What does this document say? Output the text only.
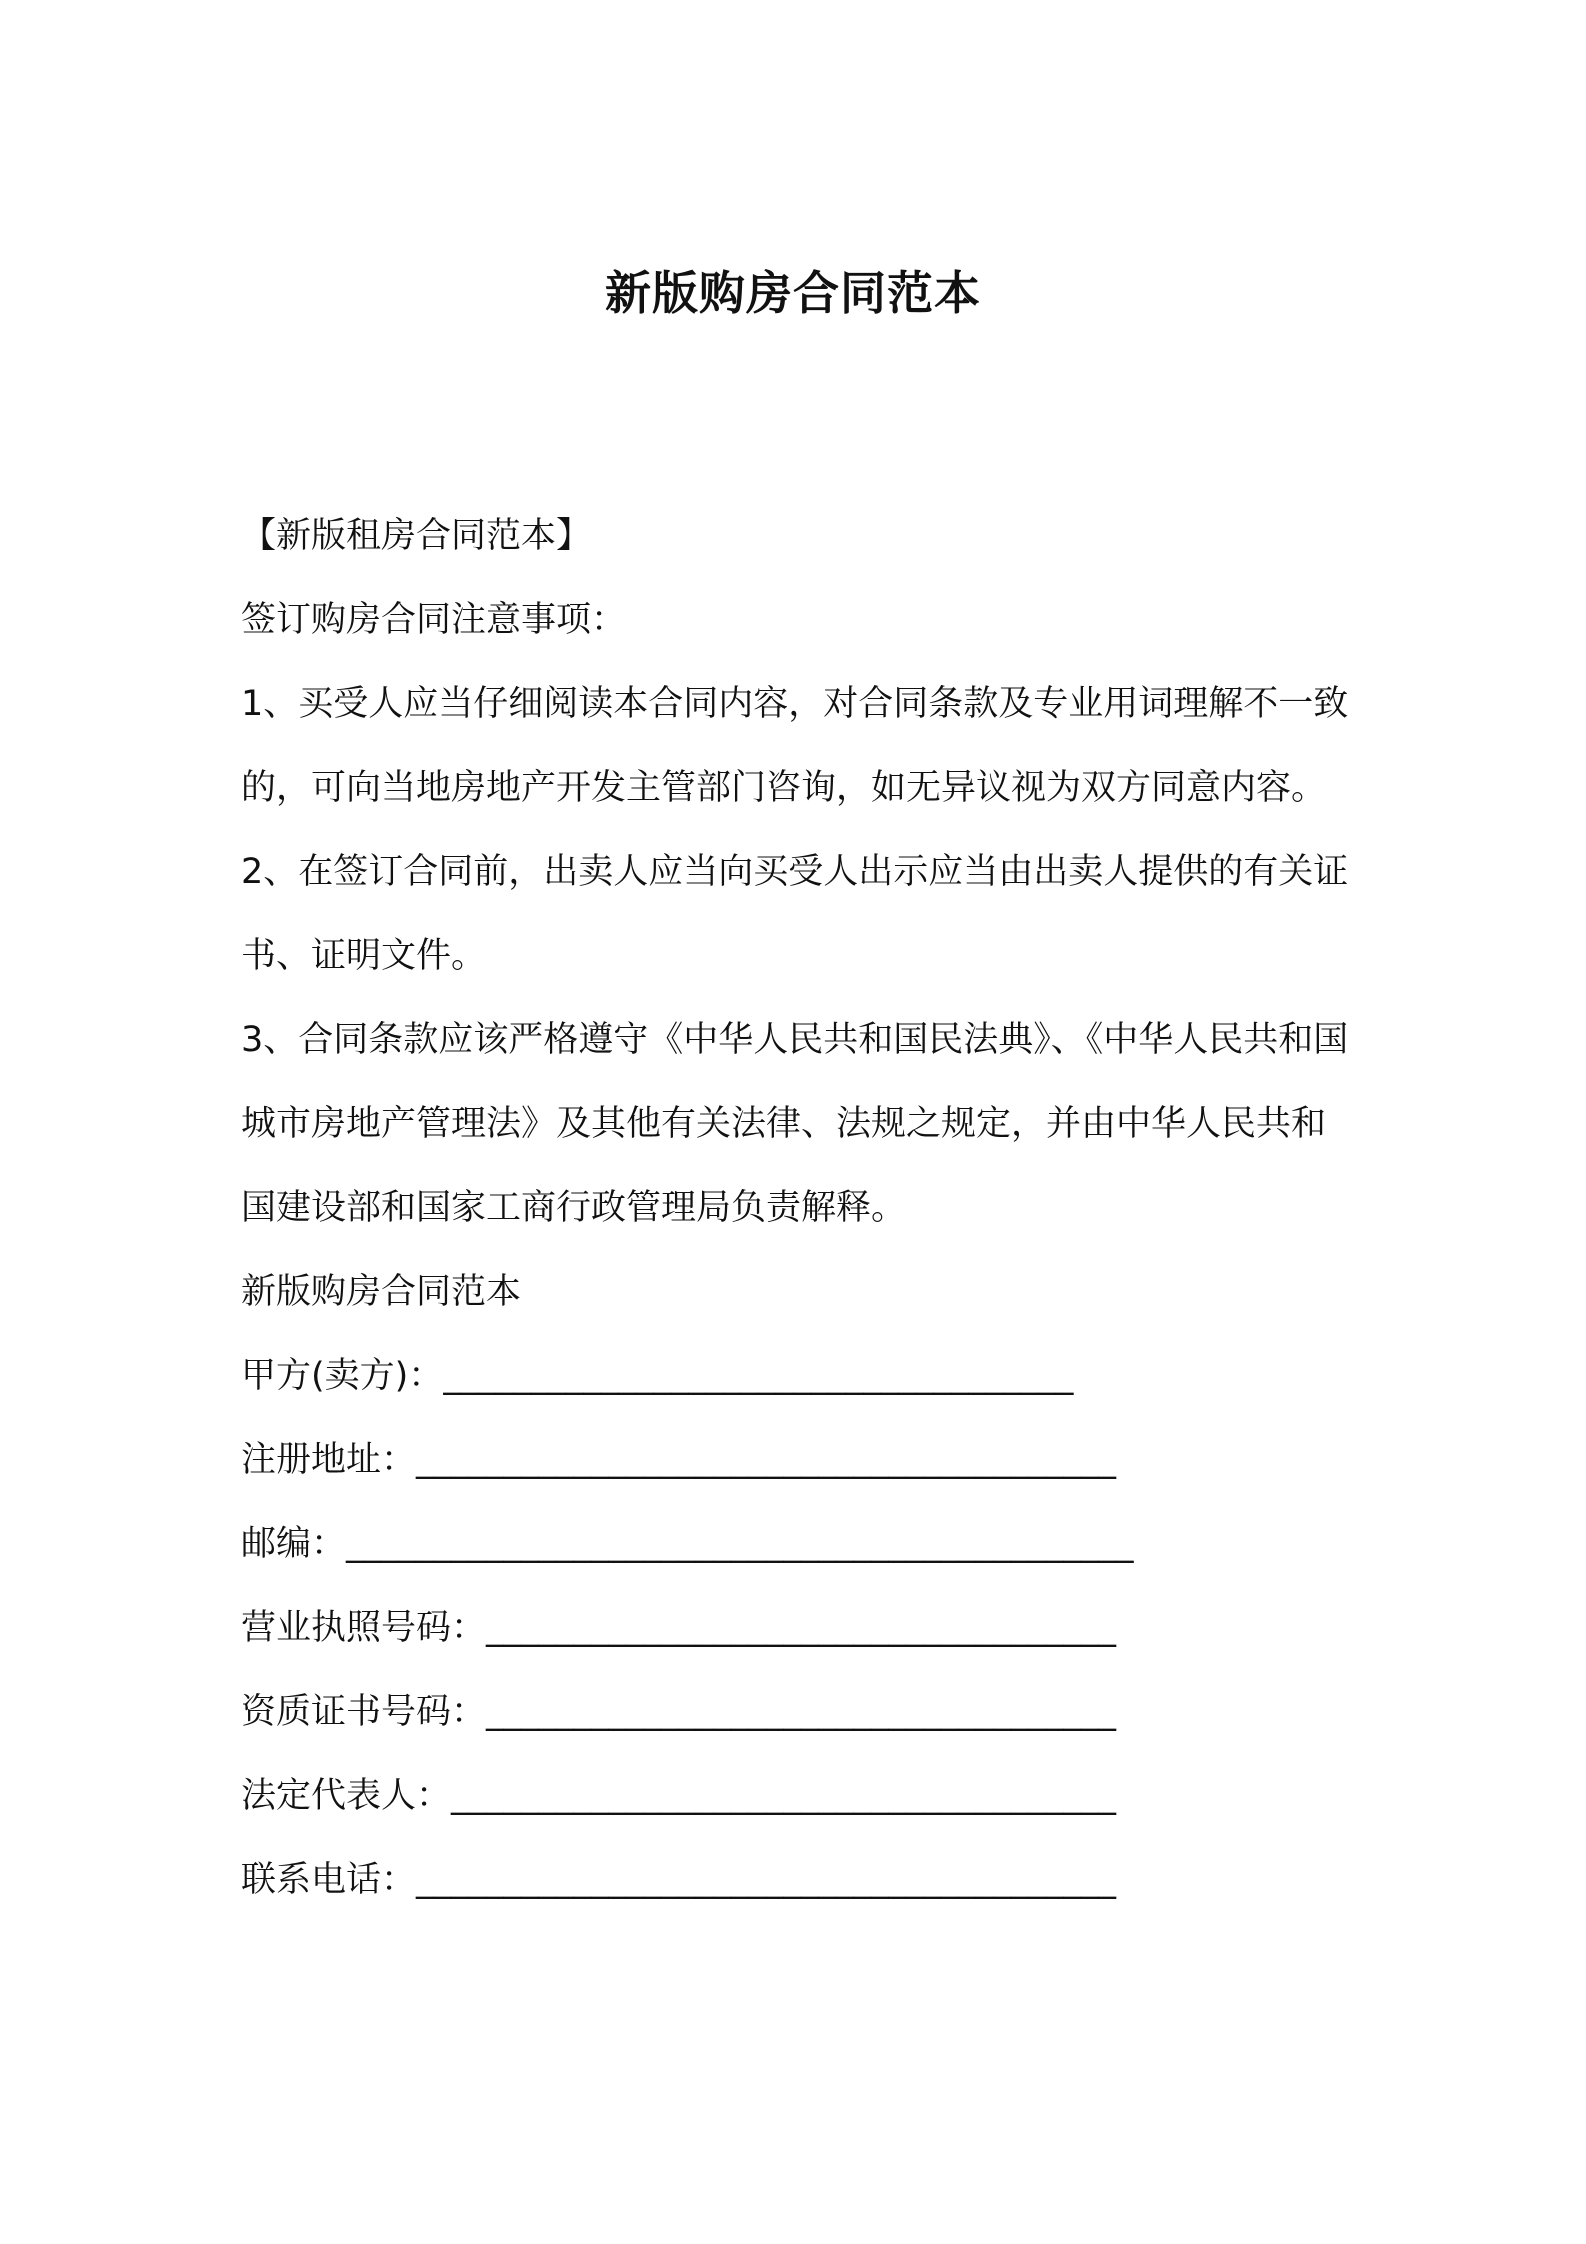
新版购房合同范本
【新版租房合同范本】
签订购房合同注意事项：
1、买受人应当仔细阅读本合同内容，对合同条款及专业用词理解不一致的，可向当地房地产开发主管部门咨询，如无异议视为双方同意内容。
2、在签订合同前，出卖人应当向买受人出示应当由出卖人提供的有关证书、证明文件。
3、合同条款应该严格遵守《中华人民共和国民法典》、《中华人民共和国城市房地产管理法》及其他有关法律、法规之规定，并由中华人民共和国建设部和国家工商行政管理局负责解释。
新版购房合同范本
甲方(卖方)：____________________________________
注册地址：________________________________________
邮编：_____________________________________________
营业执照号码：____________________________________
资质证书号码：____________________________________
法定代表人：______________________________________
联系电话：________________________________________
